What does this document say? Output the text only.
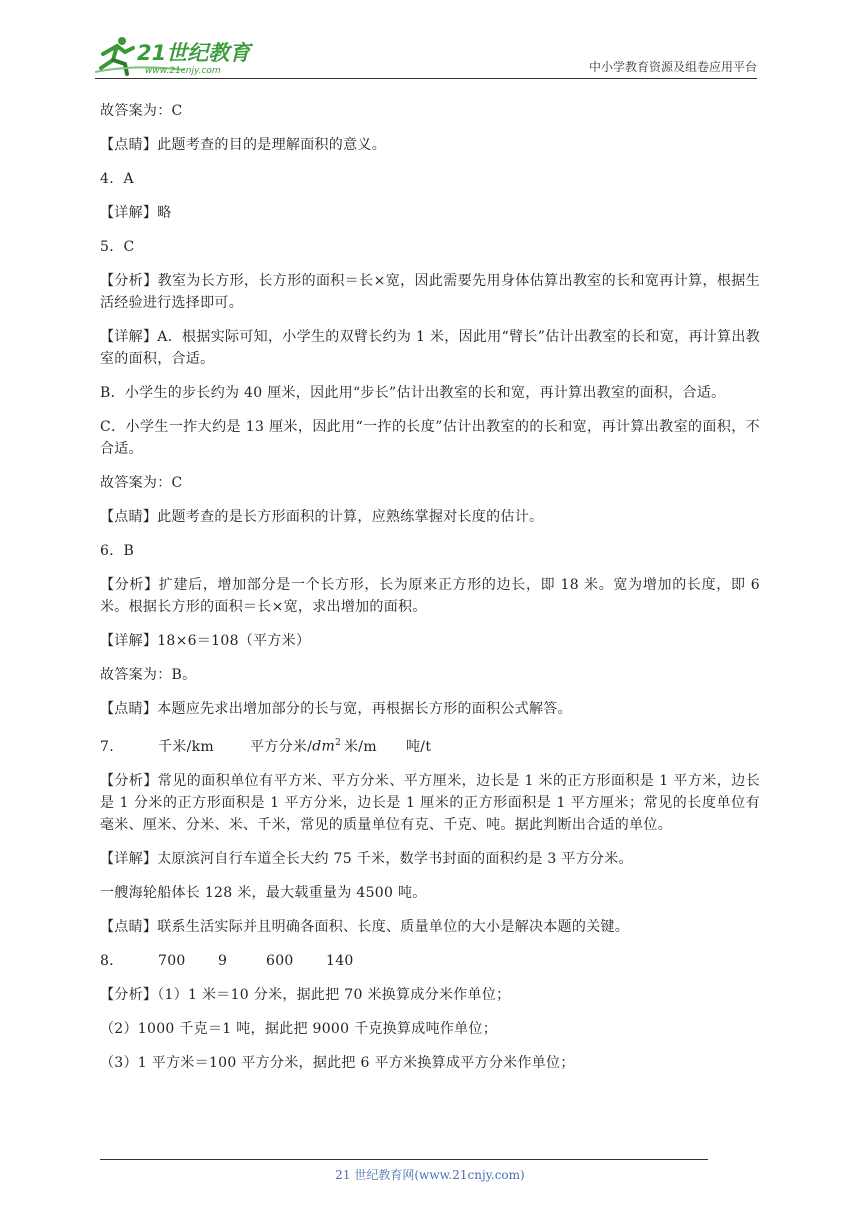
21世纪教育
www.21cnjy.com	中小学教育资源及组卷应用平台

故答案为：C

【点睛】此题考查的目的是理解面积的意义。

4．A

【详解】略

5．C

【分析】教室为长方形，长方形的面积＝长×宽，因此需要先用身体估算出教室的长和宽再计算，根据生活经验进行选择即可。

【详解】A．根据实际可知，小学生的双臂长约为 1 米，因此用“臂长”估计出教室的长和宽，再计算出教室的面积，合适。

B．小学生的步长约为 40 厘米，因此用“步长”估计出教室的长和宽，再计算出教室的面积，合适。

C．小学生一拃大约是 13 厘米，因此用“一拃的长度”估计出教室的的长和宽，再计算出教室的面积，不合适。

故答案为：C

【点睛】此题考查的是长方形面积的计算，应熟练掌握对长度的估计。

6．B

【分析】扩建后，增加部分是一个长方形，长为原来正方形的边长，即 18 米。宽为增加的长度，即 6 米。根据长方形的面积＝长×宽，求出增加的面积。

【详解】18×6＝108（平方米）

故答案为：B。

【点睛】本题应先求出增加部分的长与宽，再根据长方形的面积公式解答。

7． 千米/km	平方分米$/dm^2$ 米/m 吨/t

【分析】常见的面积单位有平方米、平方分米、平方厘米，边长是 1 米的正方形面积是 1 平方米，边长是 1 分米的正方形面积是 1 平方分米，边长是 1 厘米的正方形面积是 1 平方厘米；常见的长度单位有毫米、厘米、分米、米、千米，常见的质量单位有克、千克、吨。据此判断出合适的单位。

【详解】太原滨河自行车道全长大约 75 千米，数学书封面的面积约是 3 平方分米。

一艘海轮船体长 128 米，最大载重量为 4500 吨。

【点睛】联系生活实际并且明确各面积、长度、质量单位的大小是解决本题的关键。

8． 700 9	600 140

【分析】（1）1 米＝10 分米，据此把 70 米换算成分米作单位；

（2）1000 千克＝1 吨，据此把 9000 千克换算成吨作单位；

（3）1 平方米＝100 平方分米，据此把 6 平方米换算成平方分米作单位；

21 世纪教育网(www.21cnjy.com)
